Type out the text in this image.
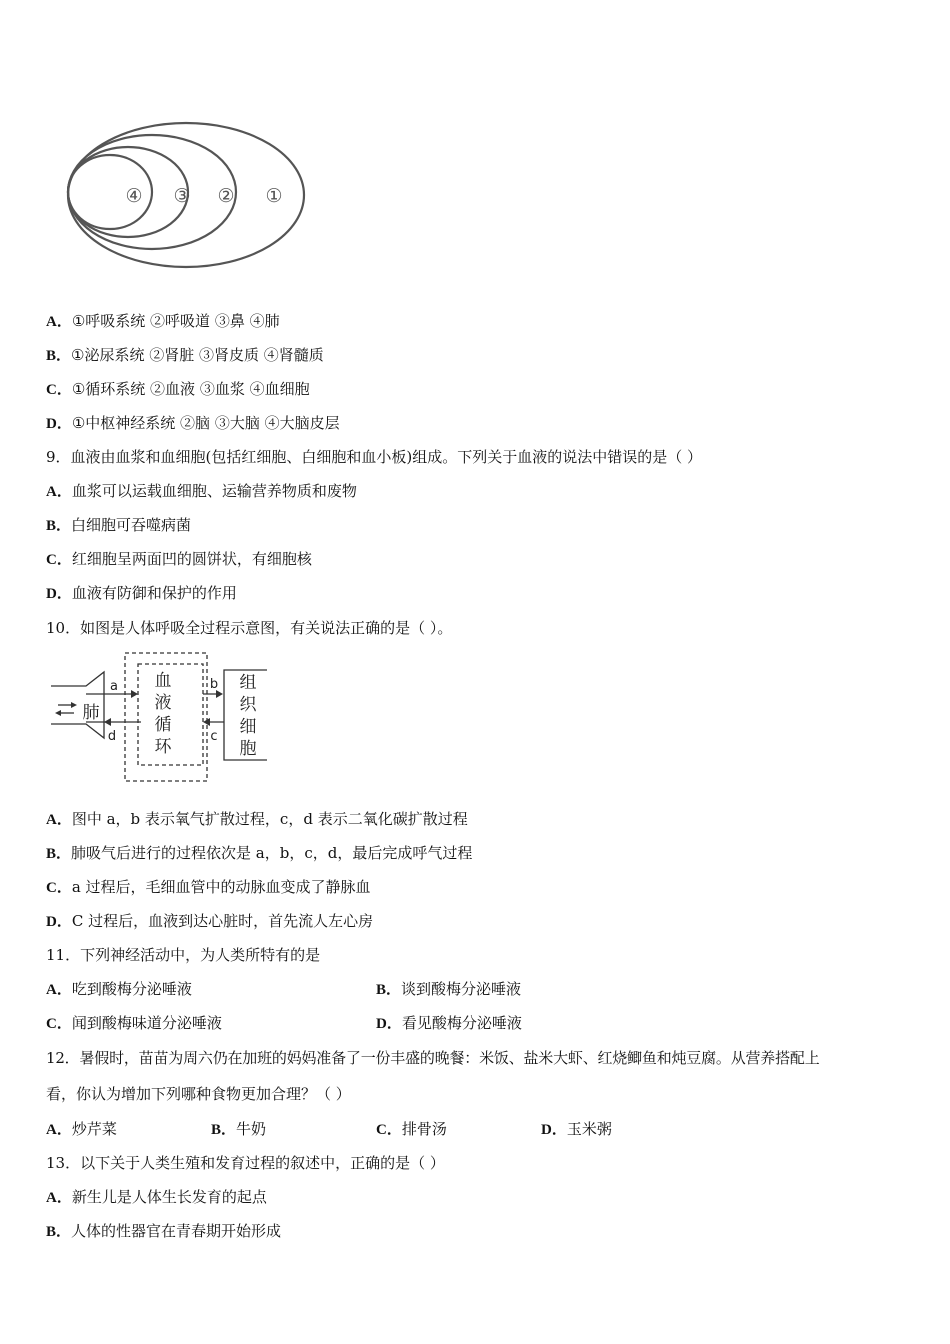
④ ③ ② ①
A．①呼吸系统 ②呼吸道 ③鼻 ④肺
B．①泌尿系统 ②肾脏 ③肾皮质 ④肾髓质
C．①循环系统 ②血液 ③血浆 ④血细胞
D．①中枢神经系统 ②脑 ③大脑 ④大脑皮层
9．血液由血浆和血细胞(包括红细胞、白细胞和血小板)组成。下列关于血液的说法中错误的是（ ）
A．血浆可以运载血细胞、运输营养物质和废物
B．白细胞可吞噬病菌
C．红细胞呈两面凹的圆饼状，有细胞核
D．血液有防御和保护的作用
10．如图是人体呼吸全过程示意图，有关说法正确的是（ ）。
肺
血
液
循
环
组
织
细
胞
a
d
b
c
A．图中 a，b 表示氧气扩散过程，c，d 表示二氧化碳扩散过程
B．肺吸气后进行的过程依次是 a，b，c，d，最后完成呼气过程
C．a 过程后，毛细血管中的动脉血变成了静脉血
D．C 过程后，血液到达心脏时，首先流人左心房
11．下列神经活动中，为人类所特有的是
A．吃到酸梅分泌唾液	B．谈到酸梅分泌唾液
C．闻到酸梅味道分泌唾液	D．看见酸梅分泌唾液
12．暑假时，苗苗为周六仍在加班的妈妈准备了一份丰盛的晚餐：米饭、盐米大虾、红烧鲫鱼和炖豆腐。从营养搭配上
看，你认为增加下列哪种食物更加合理？（ ）
A．炒芹菜	B．牛奶	C．排骨汤	D．玉米粥
13．以下关于人类生殖和发育过程的叙述中，正确的是（ ）
A．新生儿是人体生长发育的起点
B．人体的性器官在青春期开始形成
